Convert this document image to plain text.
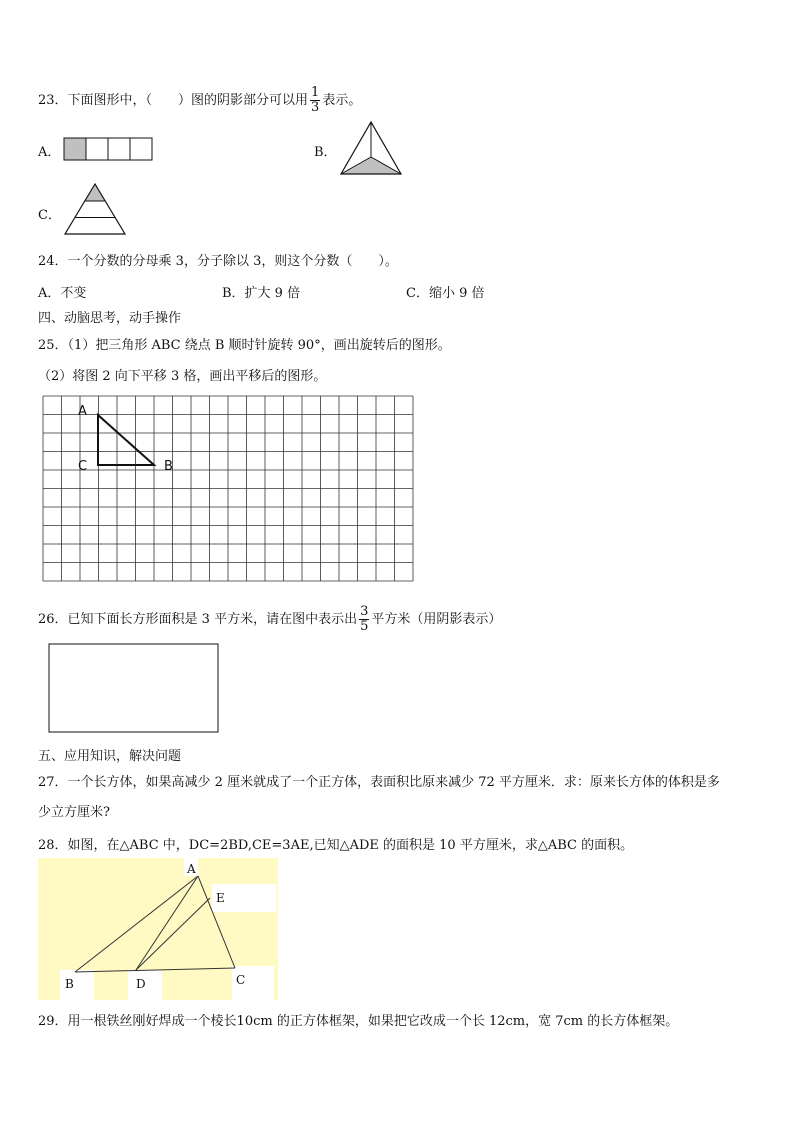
23．下面图形中，（　　）图的阴影部分可以用 $\frac{1}{3}$ 表示。
A．	B．
C．
24．一个分数的分母乘 3，分子除以 3，则这个分数（　　）。
A．不变	B．扩大 9 倍	C．缩小 9 倍
四、动脑思考，动手操作
25．（1）把三角形 ABC 绕点 B 顺时针旋转 90°，画出旋转后的图形。
（2）将图 2 向下平移 3 格，画出平移后的图形。
A
C	B
26．已知下面长方形面积是 3 平方米，请在图中表示出 $\frac{3}{5}$ 平方米（用阴影表示）
五、应用知识，解决问题
27．一个长方体，如果高减少 2 厘米就成了一个正方体，表面积比原来减少 72 平方厘米．求：原来长方体的体积是多
少立方厘米?
28．如图，在△ABC 中，DC=2BD,CE=3AE,已知△ADE 的面积是 10 平方厘米，求△ABC 的面积。
A
E
C
D
B
29．用一根铁丝刚好焊成一个棱长10cm 的正方体框架，如果把它改成一个长 12cm，宽 7cm 的长方体框架。
